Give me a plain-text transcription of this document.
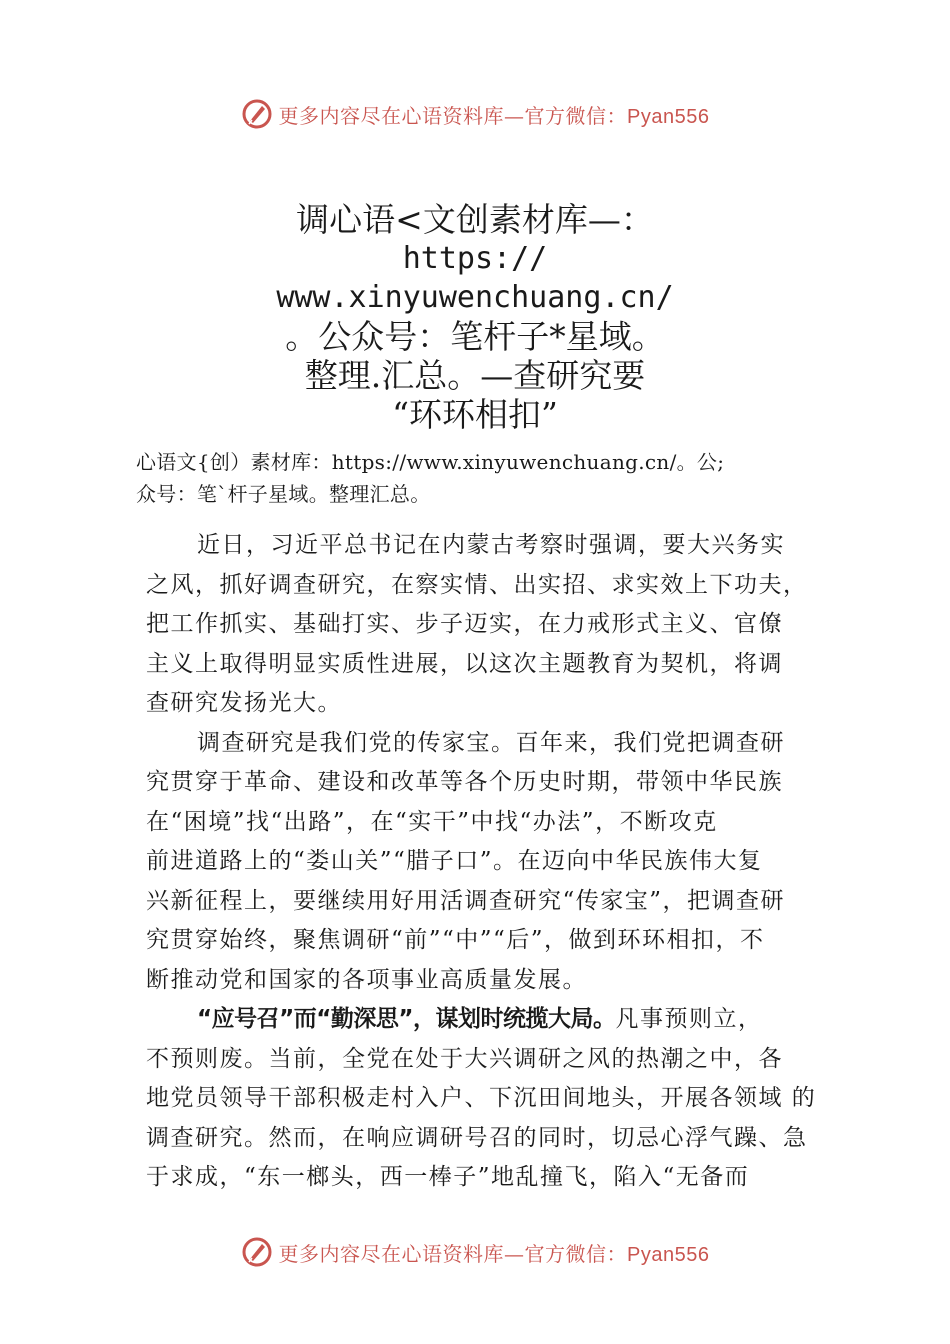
更多内容尽在心语资料库—官方微信：Pyan556
调心语<文创素材库—：
https://
www.xinyuwenchuang.cn/
。公众号：笔杆子*星域。
整理.汇总。—查研究要
“环环相扣”
心语文{创）素材库：https://www.xinyuwenchuang.cn/。公;
众号：笔`杆子星域。整理汇总。

近日，习近平总书记在内蒙古考察时强调，要大兴务实
之风，抓好调查研究，在察实情、出实招、求实效上下功夫，
把工作抓实、基础打实、步子迈实，在力戒形式主义、官僚
主义上取得明显实质性进展，以这次主题教育为契机，将调
查研究发扬光大。

调查研究是我们党的传家宝。百年来，我们党把调查研
究贯穿于革命、建设和改革等各个历史时期，带领中华民族
在“困境”找“出路”，在“实干”中找“办法”，不断攻克
前进道路上的“娄山关”“腊子口”。在迈向中华民族伟大复
兴新征程上，要继续用好用活调查研究“传家宝”，把调查研
究贯穿始终，聚焦调研“前”“中”“后”，做到环环相扣，不
断推动党和国家的各项事业高质量发展。

“应号召”而“勤深思”，谋划时统揽大局。凡事预则立，
不预则废。当前，全党在处于大兴调研之风的热潮之中，各
地党员领导干部积极走村入户、下沉田间地头，开展各领域 的
调查研究。然而，在响应调研号召的同时，切忌心浮气躁、急
于求成，“东一榔头，西一棒子”地乱撞飞，陷入“无备而

更多内容尽在心语资料库—官方微信：Pyan556
